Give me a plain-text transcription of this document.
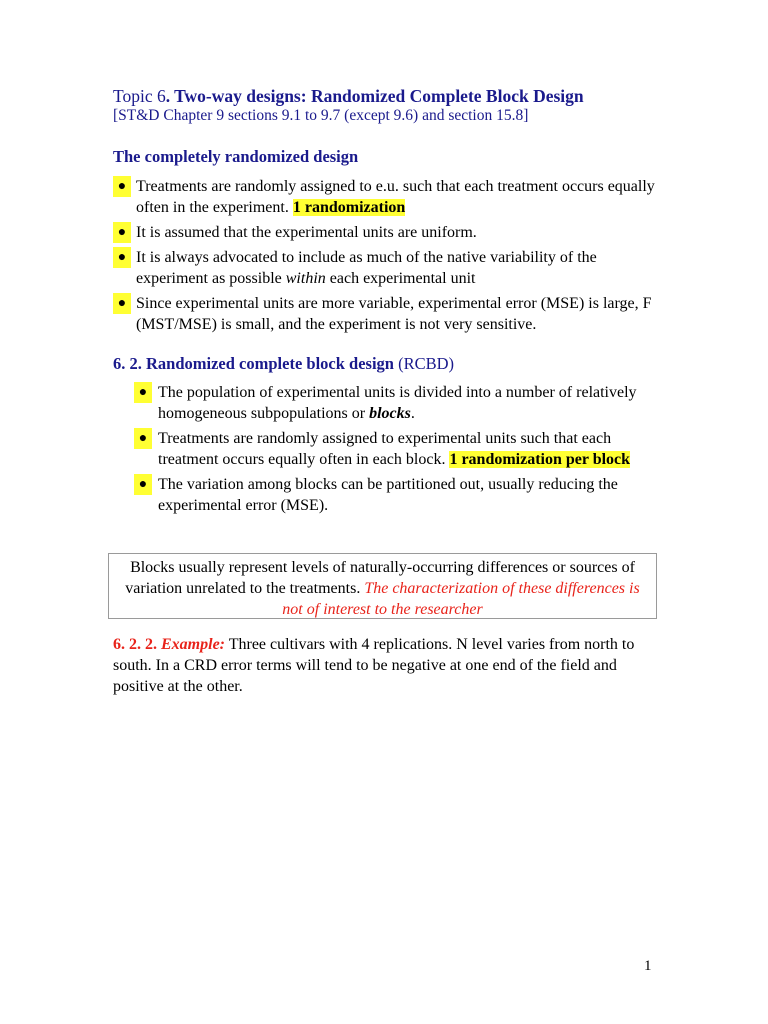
Topic 6. Two-way designs: Randomized Complete Block Design
[ST&D Chapter 9 sections 9.1 to 9.7 (except 9.6) and section 15.8]
The completely randomized design
● Treatments are randomly assigned to e.u. such that each treatment occurs equally often in the experiment. 1 randomization
● It is assumed that the experimental units are uniform.
● It is always advocated to include as much of the native variability of the experiment as possible within each experimental unit
● Since experimental units are more variable, experimental error (MSE) is large, F (MST/MSE) is small, and the experiment is not very sensitive.
6. 2. Randomized complete block design (RCBD)
● The population of experimental units is divided into a number of relatively homogeneous subpopulations or blocks.
● Treatments are randomly assigned to experimental units such that each treatment occurs equally often in each block. 1 randomization per block
● The variation among blocks can be partitioned out, usually reducing the experimental error (MSE).
Blocks usually represent levels of naturally-occurring differences or sources of variation unrelated to the treatments. The characterization of these differences is not of interest to the researcher
6. 2. 2. Example: Three cultivars with 4 replications. N level varies from north to south. In a CRD error terms will tend to be negative at one end of the field and positive at the other.
1
